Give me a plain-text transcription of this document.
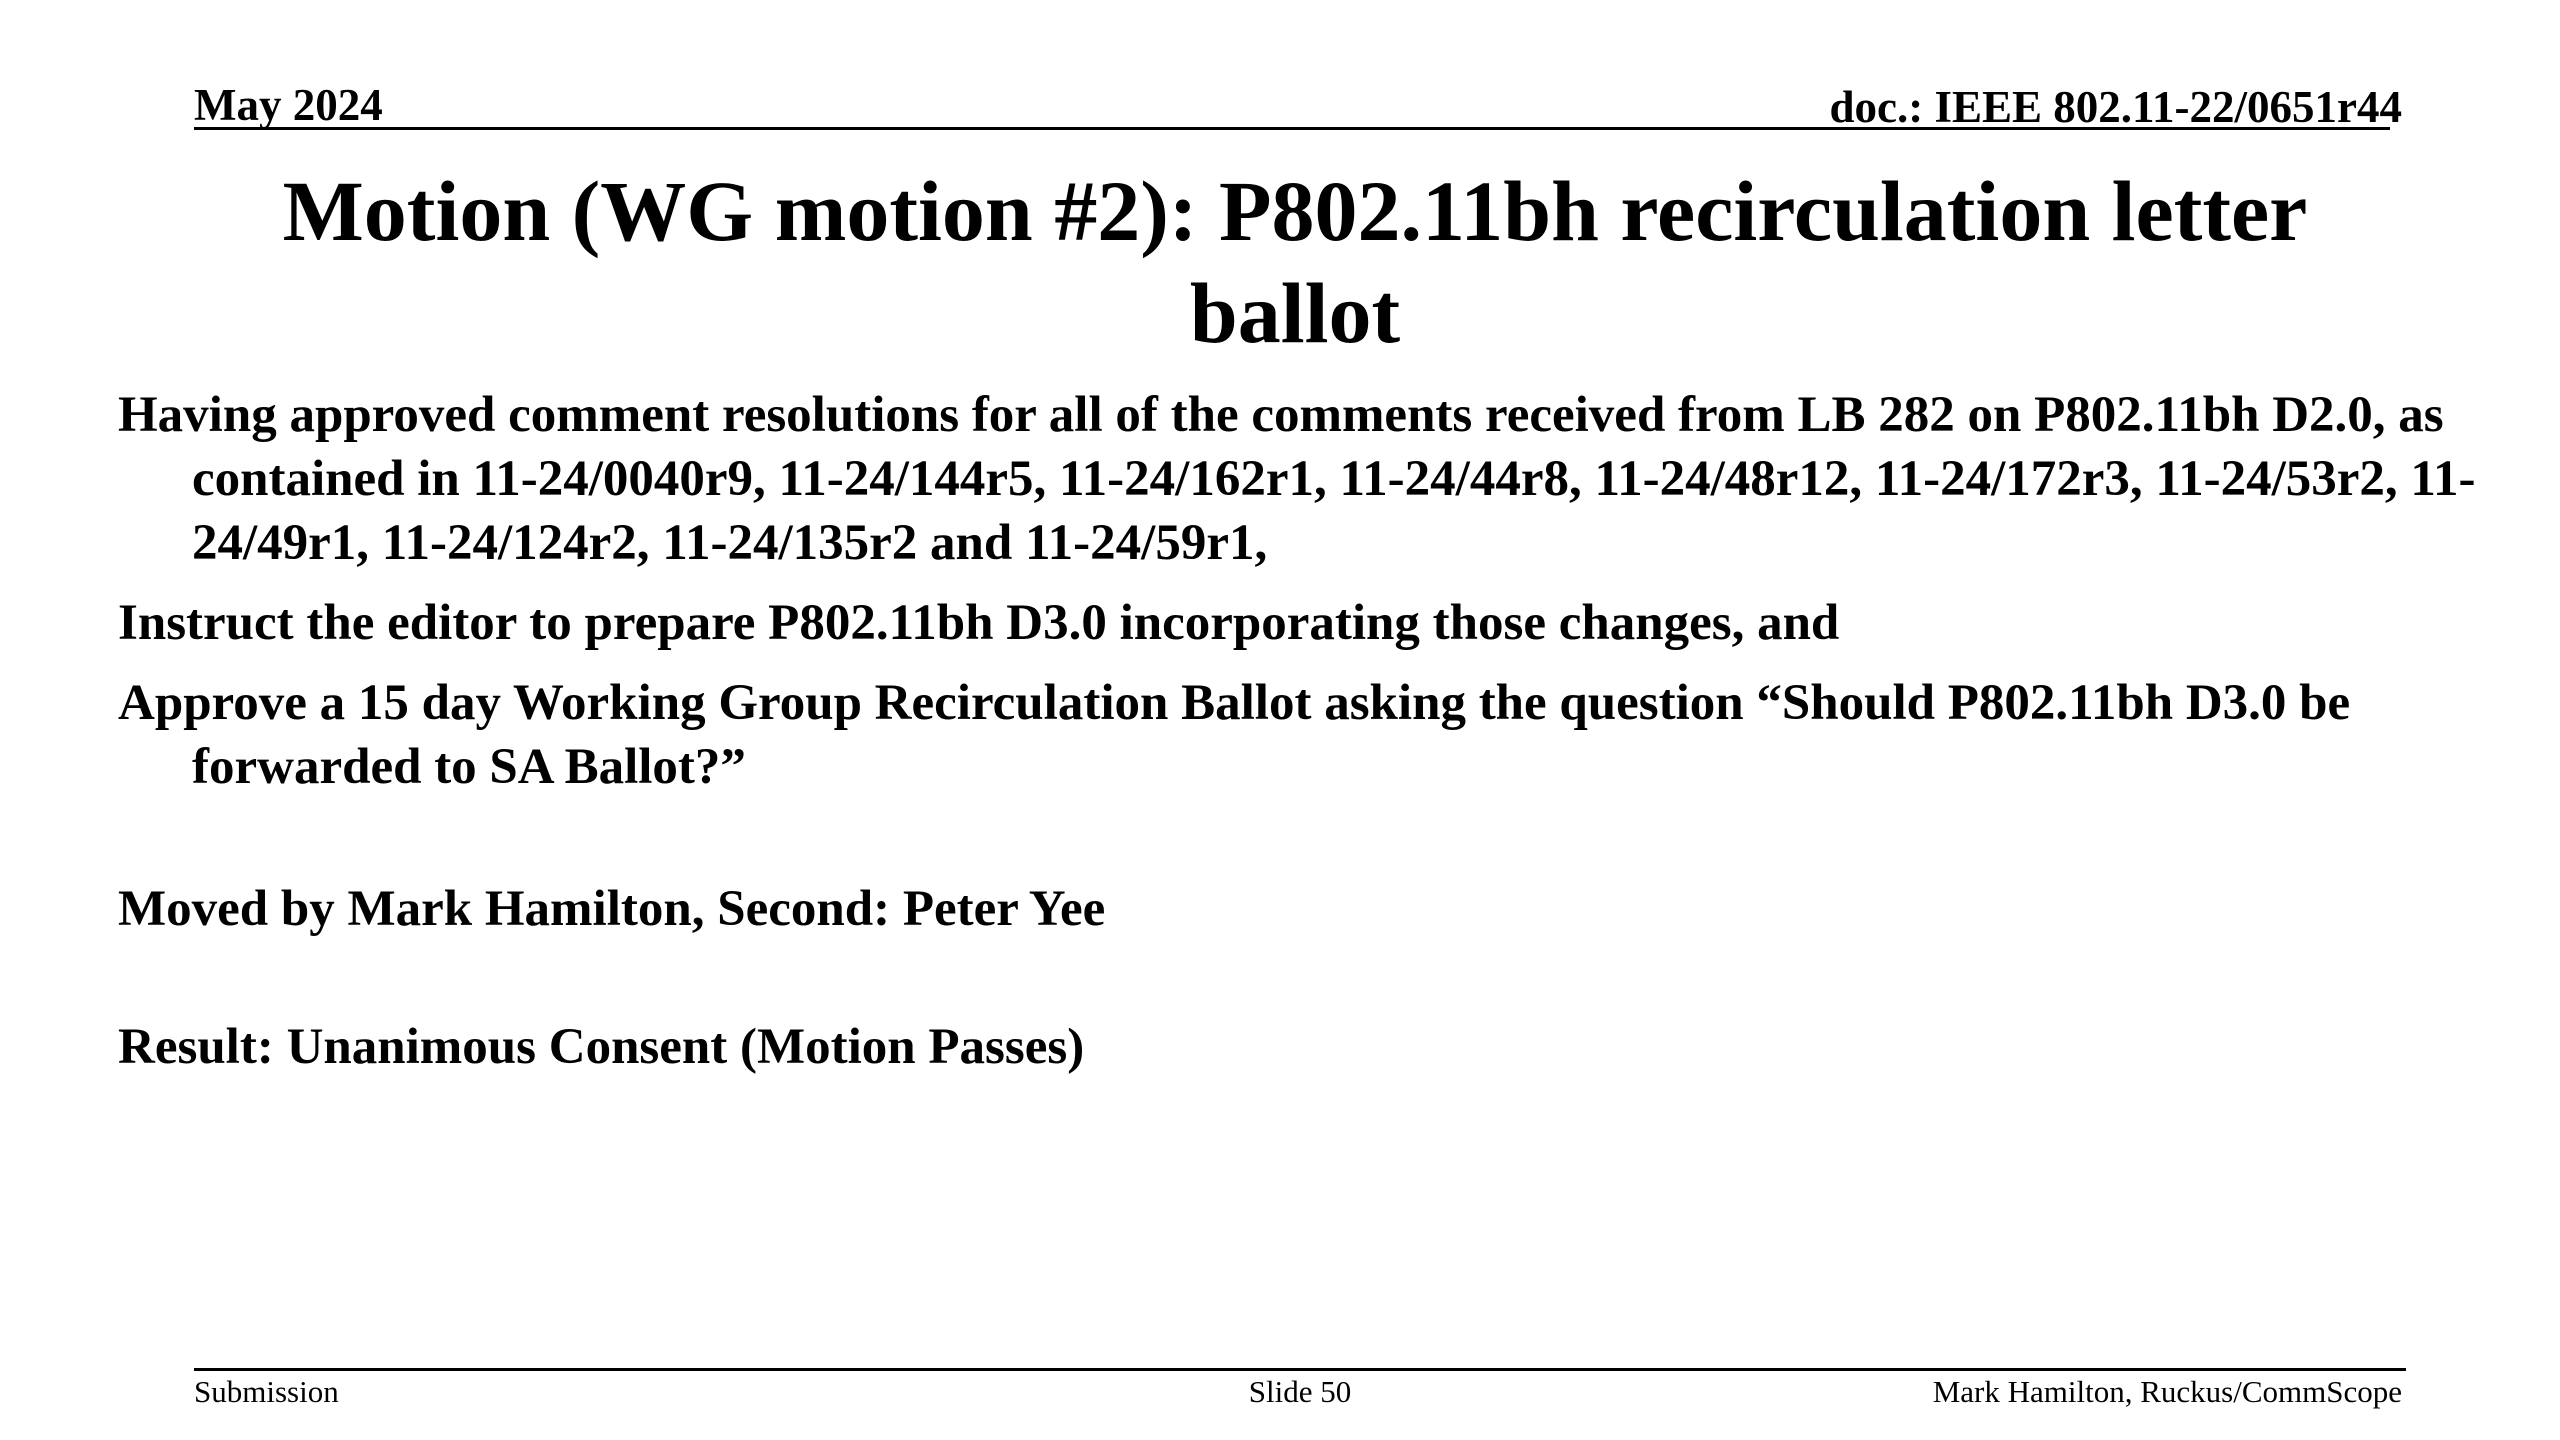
May 2024	doc.: IEEE 802.11-22/0651r44
Motion (WG motion #2): P802.11bh recirculation letter
ballot

Having approved comment resolutions for all of the comments received from LB 282 on P802.11bh D2.0, as contained in 11-24/0040r9, 11-24/144r5, 11-24/162r1, 11-24/44r8, 11-24/48r12, 11-24/172r3, 11-24/53r2, 11-24/49r1, 11-24/124r2, 11-24/135r2 and 11-24/59r1,

Instruct the editor to prepare P802.11bh D3.0 incorporating those changes, and

Approve a 15 day Working Group Recirculation Ballot asking the question “Should P802.11bh D3.0 be forwarded to SA Ballot?”

Moved by Mark Hamilton, Second: Peter Yee

Result: Unanimous Consent (Motion Passes)

Submission	Slide 50	Mark Hamilton, Ruckus/CommScope
